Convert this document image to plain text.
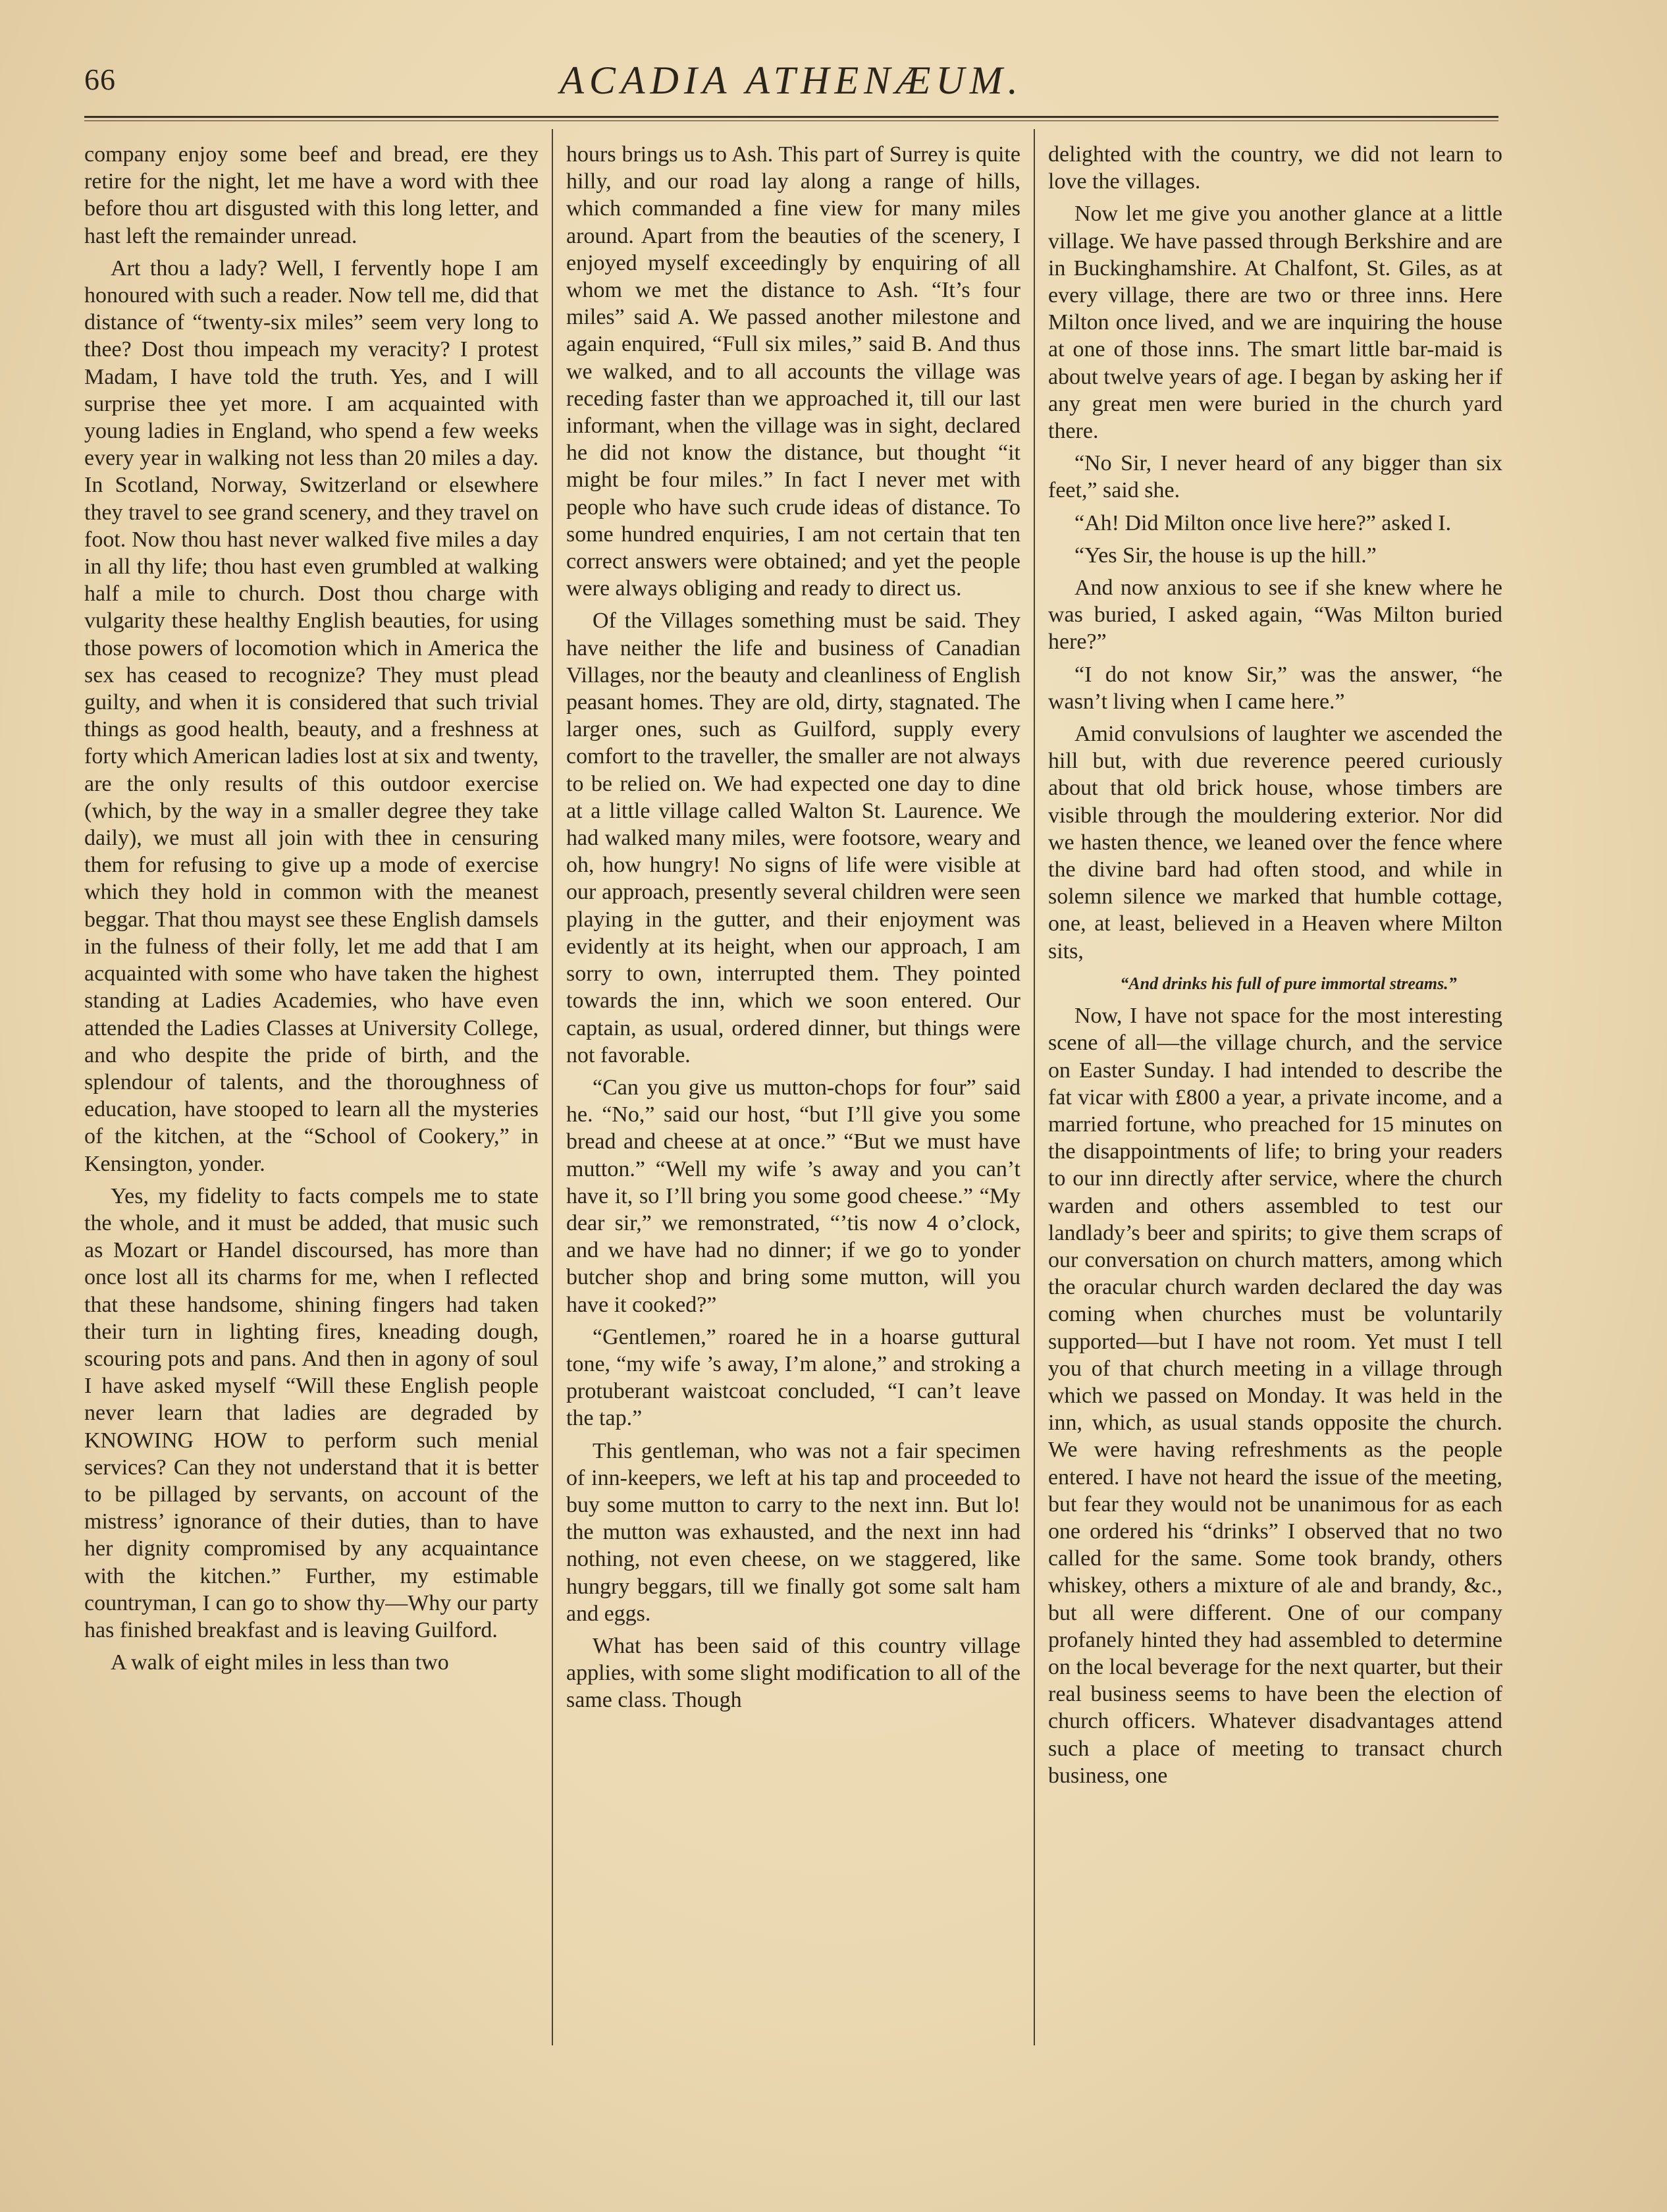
66	ACADIA ATHENÆUM.

company enjoy some beef and bread, ere they retire for the night, let me have a word with thee before thou art disgusted with this long letter, and hast left the remainder unread.

Art thou a lady? Well, I fervently hope I am honoured with such a reader. Now tell me, did that distance of “twenty-six miles” seem very long to thee? Dost thou impeach my veracity? I protest Madam, I have told the truth. Yes, and I will surprise thee yet more. I am acquainted with young ladies in England, who spend a few weeks every year in walking not less than 20 miles a day. In Scotland, Norway, Switzerland or elsewhere they travel to see grand scenery, and they travel on foot. Now thou hast never walked five miles a day in all thy life; thou hast even grumbled at walking half a mile to church. Dost thou charge with vulgarity these healthy English beauties, for using those powers of locomotion which in America the sex has ceased to recognize? They must plead guilty, and when it is considered that such trivial things as good health, beauty, and a freshness at forty which American ladies lost at six and twenty, are the only results of this outdoor exercise (which, by the way in a smaller degree they take daily), we must all join with thee in censuring them for refusing to give up a mode of exercise which they hold in common with the meanest beggar. That thou mayst see these English damsels in the fulness of their folly, let me add that I am acquainted with some who have taken the highest standing at Ladies Academies, who have even attended the Ladies Classes at University College, and who despite the pride of birth, and the splendour of talents, and the thoroughness of education, have stooped to learn all the mysteries of the kitchen, at the “School of Cookery,” in Kensington, yonder.

Yes, my fidelity to facts compels me to state the whole, and it must be added, that music such as Mozart or Handel discoursed, has more than once lost all its charms for me, when I reflected that these handsome, shining fingers had taken their turn in lighting fires, kneading dough, scouring pots and pans. And then in agony of soul I have asked myself “Will these English people never learn that ladies are degraded by KNOWING HOW to perform such menial services? Can they not understand that it is better to be pillaged by servants, on account of the mistress’ ignorance of their duties, than to have her dignity compromised by any acquaintance with the kitchen.” Further, my estimable countryman, I can go to show thy—Why our party has finished breakfast and is leaving Guilford.

A walk of eight miles in less than two

hours brings us to Ash. This part of Surrey is quite hilly, and our road lay along a range of hills, which commanded a fine view for many miles around. Apart from the beauties of the scenery, I enjoyed myself exceedingly by enquiring of all whom we met the distance to Ash. “It’s four miles” said A. We passed another milestone and again enquired, “Full six miles,” said B. And thus we walked, and to all accounts the village was receding faster than we approached it, till our last informant, when the village was in sight, declared he did not know the distance, but thought “it might be four miles.” In fact I never met with people who have such crude ideas of distance. To some hundred enquiries, I am not certain that ten correct answers were obtained; and yet the people were always obliging and ready to direct us.

Of the Villages something must be said. They have neither the life and business of Canadian Villages, nor the beauty and cleanliness of English peasant homes. They are old, dirty, stagnated. The larger ones, such as Guilford, supply every comfort to the traveller, the smaller are not always to be relied on. We had expected one day to dine at a little village called Walton St. Laurence. We had walked many miles, were footsore, weary and oh, how hungry! No signs of life were visible at our approach, presently several children were seen playing in the gutter, and their enjoyment was evidently at its height, when our approach, I am sorry to own, interrupted them. They pointed towards the inn, which we soon entered. Our captain, as usual, ordered dinner, but things were not favorable.

“Can you give us mutton-chops for four” said he. “No,” said our host, “but I’ll give you some bread and cheese at at once.” “But we must have mutton.” “Well my wife ’s away and you can’t have it, so I’ll bring you some good cheese.” “My dear sir,” we remonstrated, “’tis now 4 o’clock, and we have had no dinner; if we go to yonder butcher shop and bring some mutton, will you have it cooked?”

“Gentlemen,” roared he in a hoarse guttural tone, “my wife ’s away, I’m alone,” and stroking a protuberant waistcoat concluded, “I can’t leave the tap.”

This gentleman, who was not a fair specimen of inn-keepers, we left at his tap and proceeded to buy some mutton to carry to the next inn. But lo! the mutton was exhausted, and the next inn had nothing, not even cheese, on we staggered, like hungry beggars, till we finally got some salt ham and eggs.

What has been said of this country village applies, with some slight modification to all of the same class. Though

delighted with the country, we did not learn to love the villages.

Now let me give you another glance at a little village. We have passed through Berkshire and are in Buckinghamshire. At Chalfont, St. Giles, as at every village, there are two or three inns. Here Milton once lived, and we are inquiring the house at one of those inns. The smart little bar-maid is about twelve years of age. I began by asking her if any great men were buried in the church yard there.

“No Sir, I never heard of any bigger than six feet,” said she.

“Ah! Did Milton once live here?” asked I.

“Yes Sir, the house is up the hill.”

And now anxious to see if she knew where he was buried, I asked again, “Was Milton buried here?”

“I do not know Sir,” was the answer, “he wasn’t living when I came here.”

Amid convulsions of laughter we ascended the hill but, with due reverence peered curiously about that old brick house, whose timbers are visible through the mouldering exterior. Nor did we hasten thence, we leaned over the fence where the divine bard had often stood, and while in solemn silence we marked that humble cottage, one, at least, believed in a Heaven where Milton sits,

“And drinks his full of pure immortal streams.”

Now, I have not space for the most interesting scene of all—the village church, and the service on Easter Sunday. I had intended to describe the fat vicar with £800 a year, a private income, and a married fortune, who preached for 15 minutes on the disappointments of life; to bring your readers to our inn directly after service, where the church warden and others assembled to test our landlady’s beer and spirits; to give them scraps of our conversation on church matters, among which the oracular church warden declared the day was coming when churches must be voluntarily supported—but I have not room. Yet must I tell you of that church meeting in a village through which we passed on Monday. It was held in the inn, which, as usual stands opposite the church. We were having refreshments as the people entered. I have not heard the issue of the meeting, but fear they would not be unanimous for as each one ordered his “drinks” I observed that no two called for the same. Some took brandy, others whiskey, others a mixture of ale and brandy, &c., but all were different. One of our company profanely hinted they had assembled to determine on the local beverage for the next quarter, but their real business seems to have been the election of church officers. Whatever disadvantages attend such a place of meeting to transact church business, one
